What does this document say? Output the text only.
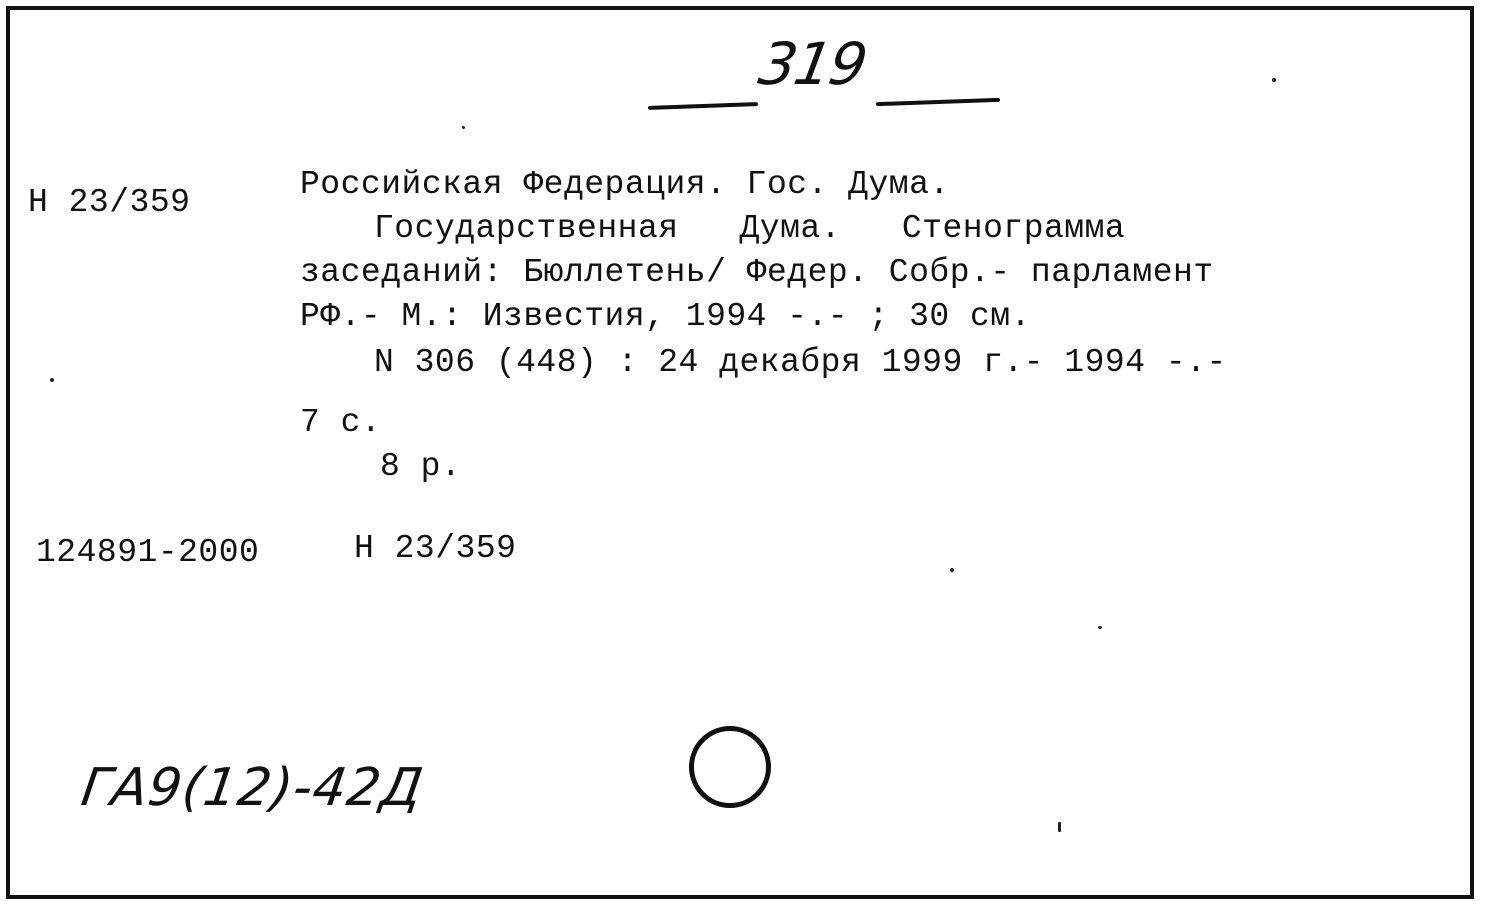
319
Н 23/359	Российская Федерация. Гос. Дума.
Государственная   Дума.   Стенограмма
заседаний: Бюллетень/ Федер. Собр.- парламент
РФ.- М.: Известия, 1994 -.- ; 30 см.
N 306 (448) : 24 декабря 1999 г.- 1994 -.-
7 с.
8 р.
124891-2000	Н 23/359
ГА9(12)-42Д
